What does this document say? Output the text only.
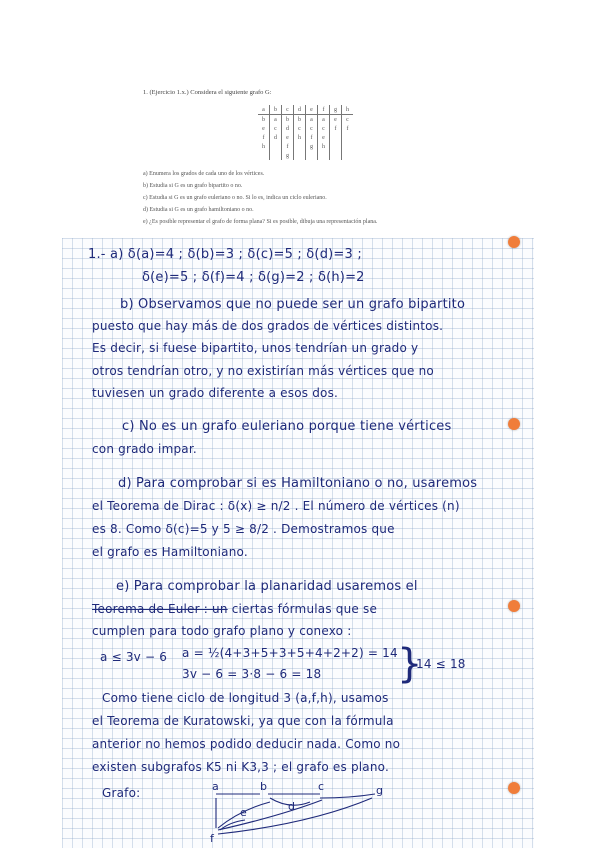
1. (Ejercicio 1.x.) Considera el siguiente grafo G:
a	b	c	d	e	f	g	h
b	a	b	b	a	a	e	c
e	c	d	c	c	c	f	f
f	d	e	h	f	e		
h		f		g	h		
		g					
a) Enumera los grados de cada uno de los vértices.
b) Estudia si G es un grafo bipartito o no.
c) Estudia si G es un grafo euleriano o no. Si lo es, indica un ciclo euleriano.
d) Estudia si G es un grafo hamiltoniano o no.
e) ¿Es posible representar el grafo de forma plana? Si es posible, dibuja una representación plana.
1.- a) δ(a)=4 ; δ(b)=3 ; δ(c)=5 ; δ(d)=3 ;
δ(e)=5 ; δ(f)=4 ; δ(g)=2 ; δ(h)=2
b) Observamos que no puede ser un grafo bipartito
puesto que hay más de dos grados de vértices distintos.
Es decir, si fuese bipartito, unos tendrían un grado y
otros tendrían otro, y no existirían más vértices que no
tuviesen un grado diferente a esos dos.
c) No es un grafo euleriano porque tiene vértices
con grado impar.
d) Para comprobar si es Hamiltoniano o no, usaremos
el Teorema de Dirac : δ(x) ≥ n/2 . El número de vértices (n)
es 8. Como δ(c)=5 y 5 ≥ 8/2 . Demostramos que
el grafo es Hamiltoniano.
e) Para comprobar la planaridad usaremos el
Teorema de Euler : un ciertas fórmulas que se
cumplen para todo grafo plano y conexo :
a ≤ 3v − 6 a = ½(4+3+5+3+5+4+2+2) = 14
3v − 6 = 3·8 − 6 = 18 }
14 ≤ 18
Como tiene ciclo de longitud 3 (a,f,h), usamos
el Teorema de Kuratowski, ya que con la fórmula
anterior no hemos podido deducir nada. Como no
existen subgrafos K5 ni K3,3 ; el grafo es plano.
Grafo:	a	b	c
d
e
f
g
